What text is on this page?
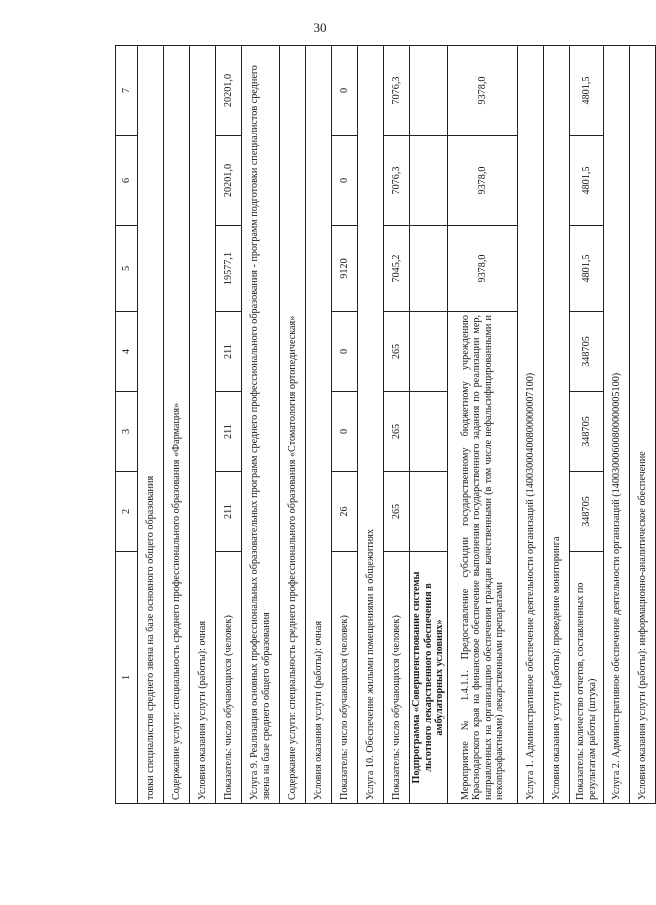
30
1	2	3	4	5	6	7
товки специалистов среднего звена на базе основного общего образования						
Содержание услуги: специальность среднего профессионального образования «Фармация»						
Условия оказания услуги (работы): очная						
Показатель: число обучающихся (человек)	211	211	211	19577,1	20201,0	20201,0
Услуга 9. Реализация основных профессиональных образовательных программ среднего профессионального образования - программ подготовки специалистов среднего звена на базе среднего общего образования						
Содержание услуги: специальность среднего профессионального образования «Стоматология ортопедическая»						
Условия оказания услуги (работы): очная						
Показатель: число обучающихся (человек)	26	0	0	9120	0	0
Услуга 10. Обеспечение жилыми помещениями в общежитиях						
Показатель: число обучающихся (человек)	265	265	265	7045,2	7076,3	7076,3
Подпрограмма «Совершенствование системы льготного лекарственного обеспечения в амбулаторных условиях»						
Мероприятие № 1.4.1.1. Предоставление субсидии государственному бюджетному учреждению Краснодарского края на финансовое обеспечение выполнения государственного задания по реализации мер, направленных на организацию обеспечения граждан качественными (в том числе нефальсифицированными и некontрафактными) лекарственными препаратами				9378,0	9378,0	9378,0
Услуга 1. Административное обеспечение деятельности организаций (14003000400800000007100)						
Условия оказания услуги (работы): проведение мониторинга						
Показатель: количество отчетов, составленных по результатам работы (штука)	348705	348705	348705	4801,5	4801,5	4801,5
Услуга 2. Административное обеспечение деятельности организаций (14003000600800000005100)						
Условия оказания услуги (работы): информационно-аналитическое обеспечение						
